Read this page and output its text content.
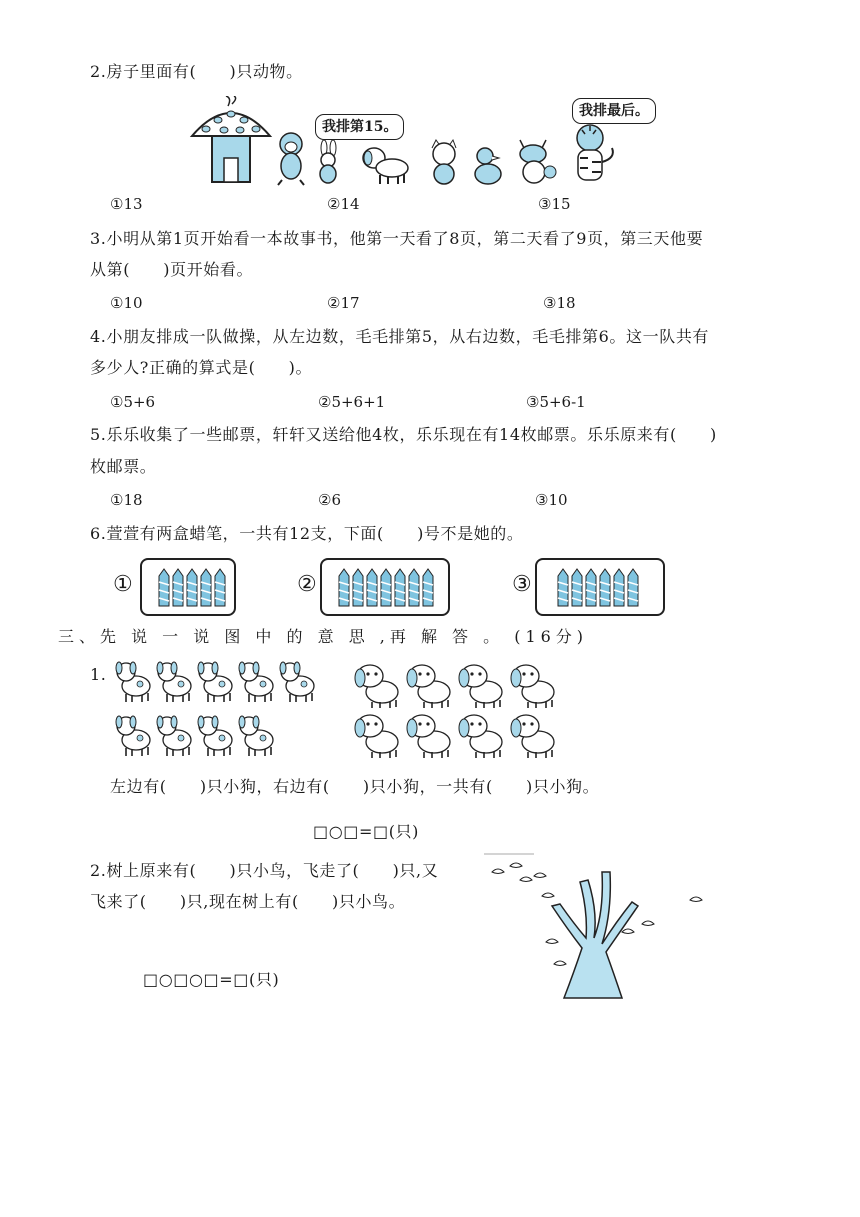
2.房子里面有(　　)只动物。
我排第15。
我排最后。
①13	②14	③15
3.小明从第1页开始看一本故事书，他第一天看了8页，第二天看了9页，第三天他要
从第(　　)页开始看。
①10	②17	③18
4.小朋友排成一队做操，从左边数，毛毛排第5，从右边数，毛毛排第6。这一队共有
多少人?正确的算式是(　　)。
①5+6	②5+6+1	③5+6-1
5.乐乐收集了一些邮票，轩轩又送给他4枚，乐乐现在有14枚邮票。乐乐原来有(　　)
枚邮票。
①18	②6	③10
6.萱萱有两盒蜡笔，一共有12支，下面(　　)号不是她的。
①	②	③
三、先 说 一 说 图 中 的 意 思 ,再 解 答 。 (16分)
1.
左边有(　　)只小狗，右边有(　　)只小狗，一共有(　　)只小狗。
□○□=□(只)
2.树上原来有(　　)只小鸟，飞走了(　　)只,又
飞来了(　　)只,现在树上有(　　)只小鸟。
□○□○□=□(只)
